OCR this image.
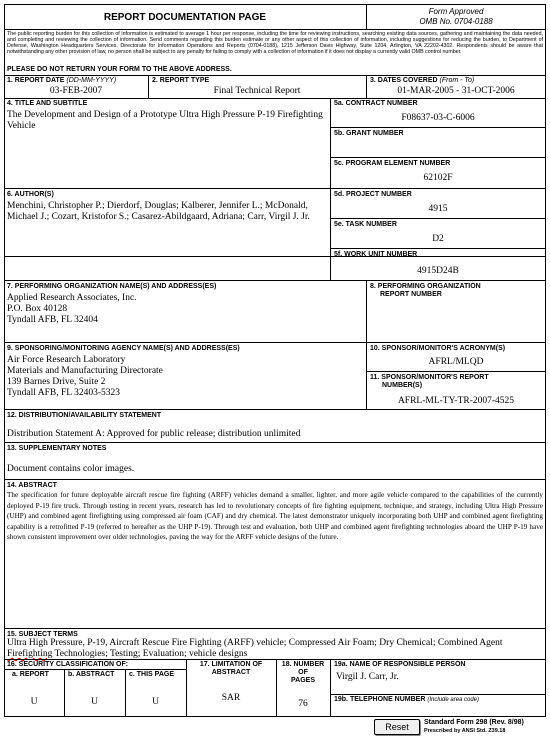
REPORT DOCUMENTATION PAGE
Form Approved
OMB No. 0704-0188
The public reporting burden for this collection of information is estimated to average 1 hour per response, including the time for reviewing instructions, searching existing data sources, gathering and maintaining the data needed, and completing and reviewing the collection of information. Send comments regarding this burden estimate or any other aspect of this collection of information, including suggestions for reducing the burden, to Department of Defense, Washington Headquarters Services, Directorate for Information Operations and Reports (0704-0188), 1215 Jefferson Davis Highway, Suite 1204, Arlington, VA 22202-4302. Respondents should be aware that notwithstanding any other provision of law, no person shall be subject to any penalty for failing to comply with a collection of information if it does not display a currently valid OMB control number.
PLEASE DO NOT RETURN YOUR FORM TO THE ABOVE ADDRESS.
1. REPORT DATE (DD-MM-YYYY)
03-FEB-2007
2. REPORT TYPE
Final Technical Report
3. DATES COVERED (From - To)
01-MAR-2005 - 31-OCT-2006
4. TITLE AND SUBTITLE
The Development and Design of a Prototype Ultra High Pressure P-19 Firefighting Vehicle
5a. CONTRACT NUMBER
F08637-03-C-6006
5b. GRANT NUMBER
5c. PROGRAM ELEMENT NUMBER
62102F
6. AUTHOR(S)
Menchini, Christopher P.; Dierdorf, Douglas; Kalberer, Jennifer L.; McDonald, Michael J.; Cozart, Kristofor S.; Casarez-Abildgaard, Adriana; Carr, Virgil J. Jr.
5d. PROJECT NUMBER
4915
5e. TASK NUMBER
D2
5f. WORK UNIT NUMBER
4915D24B
7. PERFORMING ORGANIZATION NAME(S) AND ADDRESS(ES)
Applied Research Associates, Inc.
P.O. Box 40128
Tyndall AFB, FL 32404
8. PERFORMING ORGANIZATION
REPORT NUMBER
9. SPONSORING/MONITORING AGENCY NAME(S) AND ADDRESS(ES)
Air Force Research Laboratory
Materials and Manufacturing Directorate
139 Barnes Drive, Suite 2
Tyndall AFB, FL 32403-5323
10. SPONSOR/MONITOR'S ACRONYM(S)
AFRL/MLQD
11. SPONSOR/MONITOR'S REPORT
NUMBER(S)
AFRL-ML-TY-TR-2007-4525
12. DISTRIBUTION/AVAILABILITY STATEMENT
Distribution Statement A: Approved for public release; distribution unlimited
13. SUPPLEMENTARY NOTES
Document contains color images.
14. ABSTRACT
The specification for future deployable aircraft rescue fire fighting (ARFF) vehicles demand a smaller, lighter, and more agile vehicle compared to the capabilities of the currently deployed P-19 fire truck. Through testing in recent years, research has led to revolutionary concepts of fire fighting equipment, technique, and strategy, including Ultra High Pressure (UHP) and combined agent firefighting using compressed air foam (CAF) and dry chemical. The latest demonstrator uniquely incorporating both UHP and combined agent firefighting capability is a retrofitted P-19 (referred to hereafter as the UHP P-19). Through test and evaluation, both UHP and combined agent firefighting technologies aboard the UHP P-19 have shown consistent improvement over older technologies, paving the way for the ARFF vehicle designs of the future.
15. SUBJECT TERMS
Ultra High Pressure, P-19, Aircraft Rescue Fire Fighting (ARFF) vehicle; Compressed Air Foam; Dry Chemical; Combined Agent Firefighting Technologies; Testing; Evaluation; vehicle designs
16. SECURITY CLASSIFICATION OF:
a. REPORT
U
b. ABSTRACT
U
c. THIS PAGE
U
17. LIMITATION OF
ABSTRACT
SAR
18. NUMBER
OF
PAGES
76
19a. NAME OF RESPONSIBLE PERSON
Virgil J. Carr, Jr.
19b. TELEPHONE NUMBER (Include area code)
Reset	Standard Form 298 (Rev. 8/98)
Prescribed by ANSI Std. Z39.18
